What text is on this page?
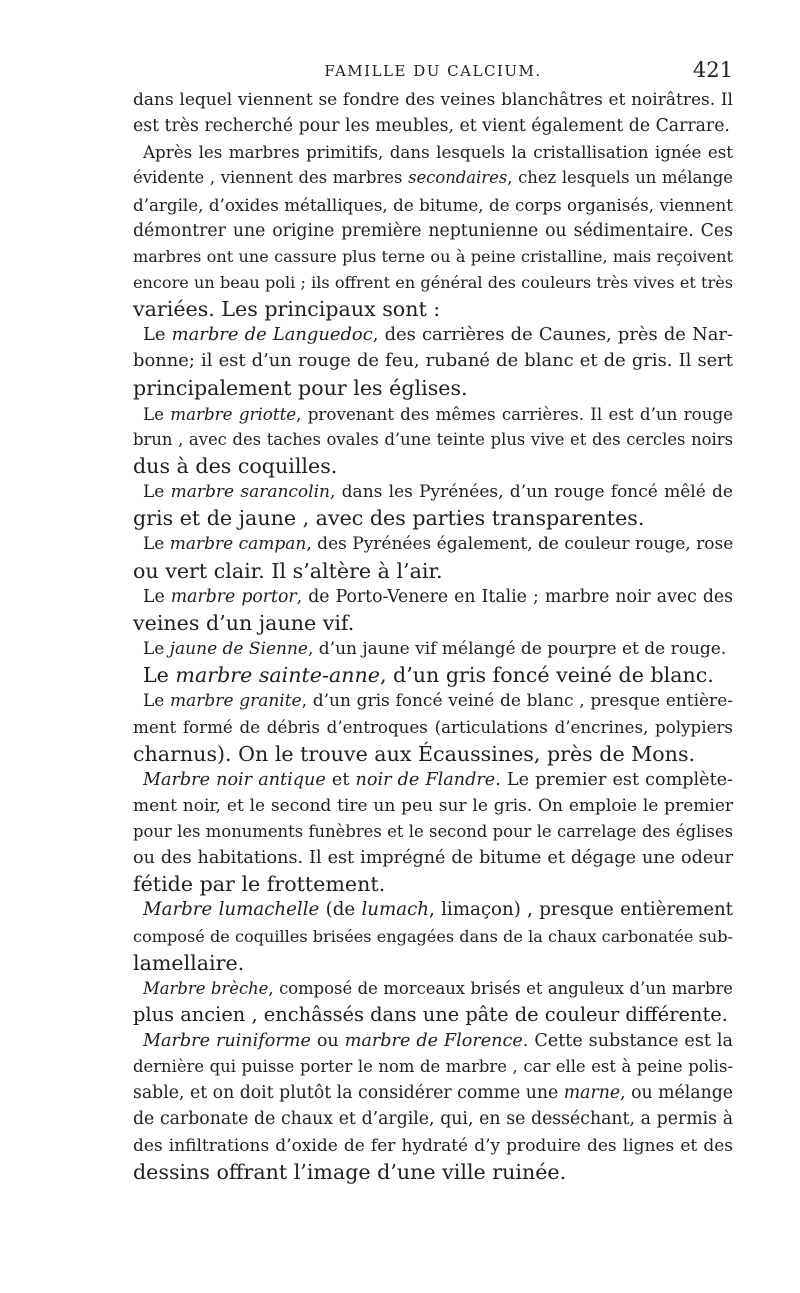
FAMILLE DU CALCIUM.	421
dans lequel viennent se fondre des veines blanchâtres et noirâtres. Il
est très recherché pour les meubles, et vient également de Carrare.
Après les marbres primitifs, dans lesquels la cristallisation ignée est
évidente , viennent des marbres secondaires, chez lesquels un mélange
d’argile, d’oxides métalliques, de bitume, de corps organisés, viennent
démontrer une origine première neptunienne ou sédimentaire. Ces
marbres ont une cassure plus terne ou à peine cristalline, mais reçoivent
encore un beau poli ; ils offrent en général des couleurs très vives et très
variées. Les principaux sont :
Le marbre de Languedoc, des carrières de Caunes, près de Nar-
bonne; il est d’un rouge de feu, rubané de blanc et de gris. Il sert
principalement pour les églises.
Le marbre griotte, provenant des mêmes carrières. Il est d’un rouge
brun , avec des taches ovales d’une teinte plus vive et des cercles noirs
dus à des coquilles.
Le marbre sarancolin, dans les Pyrénées, d’un rouge foncé mêlé de
gris et de jaune , avec des parties transparentes.
Le marbre campan, des Pyrénées également, de couleur rouge, rose
ou vert clair. Il s’altère à l’air.
Le marbre portor, de Porto-Venere en Italie ; marbre noir avec des
veines d’un jaune vif.
Le jaune de Sienne, d’un jaune vif mélangé de pourpre et de rouge.
Le marbre sainte-anne, d’un gris foncé veiné de blanc.
Le marbre granite, d’un gris foncé veiné de blanc , presque entière-
ment formé de débris d’entroques (articulations d’encrines, polypiers
charnus). On le trouve aux Écaussines, près de Mons.
Marbre noir antique et noir de Flandre. Le premier est complète-
ment noir, et le second tire un peu sur le gris. On emploie le premier
pour les monuments funèbres et le second pour le carrelage des églises
ou des habitations. Il est imprégné de bitume et dégage une odeur
fétide par le frottement.
Marbre lumachelle (de lumach, limaçon) , presque entièrement
composé de coquilles brisées engagées dans de la chaux carbonatée sub-
lamellaire.
Marbre brèche, composé de morceaux brisés et anguleux d’un marbre
plus ancien , enchâssés dans une pâte de couleur différente.
Marbre ruiniforme ou marbre de Florence. Cette substance est la
dernière qui puisse porter le nom de marbre , car elle est à peine polis-
sable, et on doit plutôt la considérer comme une marne, ou mélange
de carbonate de chaux et d’argile, qui, en se desséchant, a permis à
des infiltrations d’oxide de fer hydraté d’y produire des lignes et des
dessins offrant l’image d’une ville ruinée.
